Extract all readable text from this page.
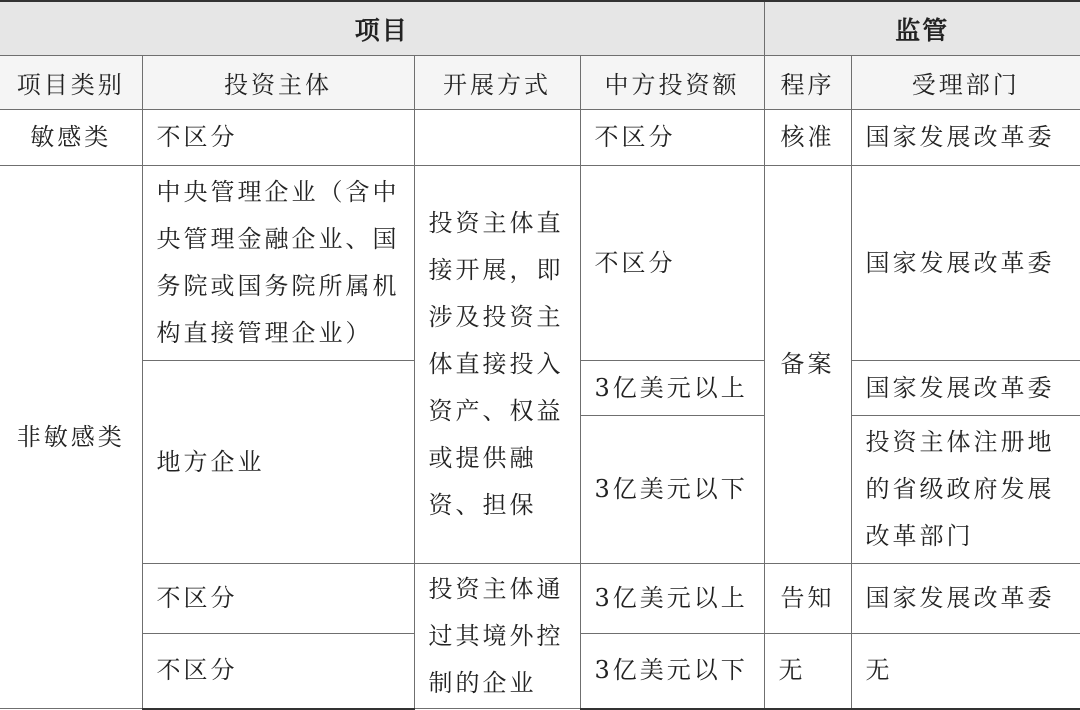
项目				监管	
项目类别	投资主体	开展方式	中方投资额	程序	受理部门
敏感类	不区分		不区分	核准	国家发展改革委
非敏感类	中央管理企业（含中央管理金融企业、国务院或国务院所属机构直接管理企业）	投资主体直接开展，即涉及投资主体直接投入资产、权益或提供融资、担保	不区分	备案	国家发展改革委
	地方企业		3亿美元以上		国家发展改革委
			3亿美元以下		投资主体注册地的省级政府发展改革部门
	不区分	投资主体通过其境外控制的企业	3亿美元以上	告知	国家发展改革委
	不区分		3亿美元以下	无	无
